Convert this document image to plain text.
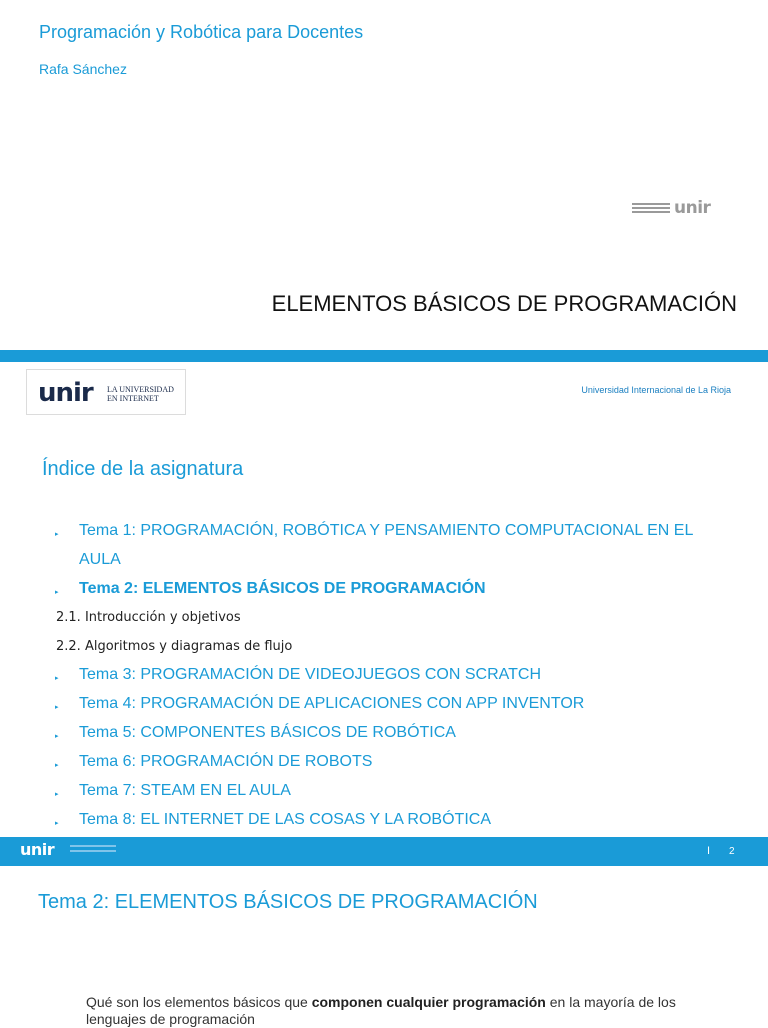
Programación y Robótica para Docentes
Rafa Sánchez
unir
ELEMENTOS BÁSICOS DE PROGRAMACIÓN
unir LA UNIVERSIDAD
EN INTERNET
Universidad Internacional de La Rioja
Índice de la asignatura
▸ Tema 1: PROGRAMACIÓN, ROBÓTICA Y PENSAMIENTO COMPUTACIONAL EN EL
AULA
▸ Tema 2: ELEMENTOS BÁSICOS DE PROGRAMACIÓN
2.1. Introducción y objetivos
2.2. Algoritmos y diagramas de flujo
▸ Tema 3: PROGRAMACIÓN DE VIDEOJUEGOS CON SCRATCH
▸ Tema 4: PROGRAMACIÓN DE APLICACIONES CON APP INVENTOR
▸ Tema 5: COMPONENTES BÁSICOS DE ROBÓTICA
▸ Tema 6: PROGRAMACIÓN DE ROBOTS
▸ Tema 7: STEAM EN EL AULA
▸ Tema 8: EL INTERNET DE LAS COSAS Y LA ROBÓTICA
unir	I 2
Tema 2: ELEMENTOS BÁSICOS DE PROGRAMACIÓN
Qué son los elementos básicos que componen cualquier programación en la mayoría de los lenguajes de programación
